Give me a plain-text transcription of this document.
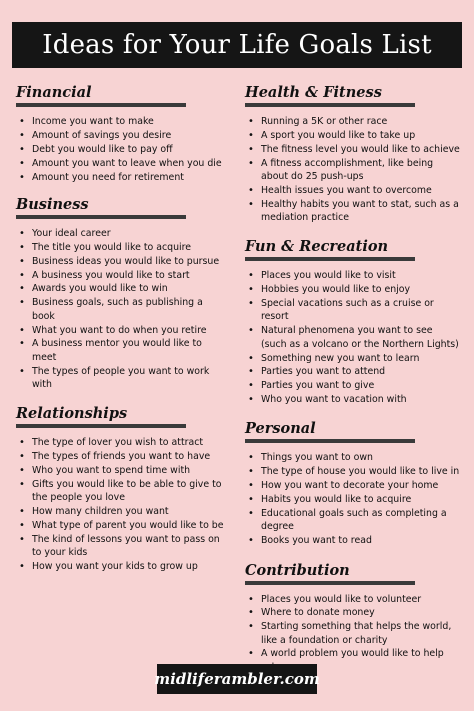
Ideas for Your Life Goals List
Financial
• Income you want to make
• Amount of savings you desire
• Debt you would like to pay off
• Amount you want to leave when you die
• Amount you need for retirement
Business
• Your ideal career
• The title you would like to acquire
• Business ideas you would like to pursue
• A business you would like to start
• Awards you would like to win
• Business goals, such as publishing a book
• What you want to do when you retire
• A business mentor you would like to meet
• The types of people you want to work with
Relationships
• The type of lover you wish to attract
• The types of friends you want to have
• Who you want to spend time with
• Gifts you would like to be able to give to the people you love
• How many children you want
• What type of parent you would like to be
• The kind of lessons you want to pass on to your kids
• How you want your kids to grow up
Health & Fitness
• Running a 5K or other race
• A sport you would like to take up
• The fitness level you would like to achieve
• A fitness accomplishment, like being about do 25 push-ups
• Health issues you want to overcome
• Healthy habits you want to stat, such as a mediation practice
Fun & Recreation
• Places you would like to visit
• Hobbies you would like to enjoy
• Special vacations such as a cruise or resort
• Natural phenomena you want to see (such as a volcano or the Northern Lights)
• Something new you want to learn
• Parties you want to attend
• Parties you want to give
• Who you want to vacation with
Personal
• Things you want to own
• The type of house you would like to live in
• How you want to decorate your home
• Habits you would like to acquire
• Educational goals such as completing a degree
• Books you want to read
Contribution
• Places you would like to volunteer
• Where to donate money
• Starting something that helps the world, like a foundation or charity
• A world problem you would like to help
midliferambler.com
